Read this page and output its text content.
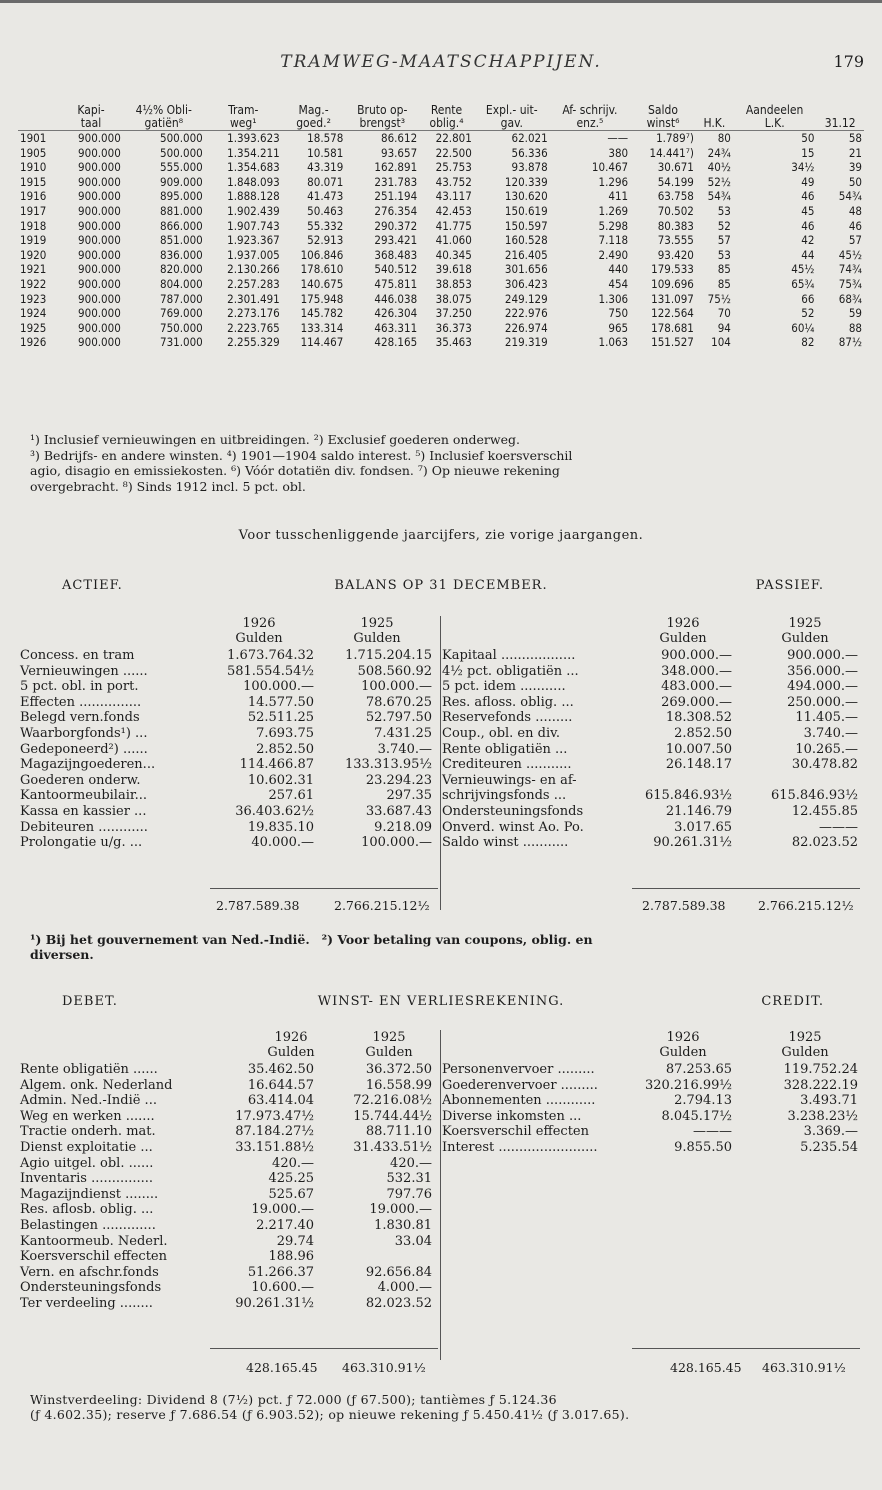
TRAMWEG-MAATSCHAPPIJEN.	179
	Kapi-	4½% Obli-	Tram-	Mag.-	Bruto op-	Rente	Expl.- uit-	Af- schrijv.	Saldo		Aandeelen	
	taal	gatiën⁸	weg¹	goed.²	brengst³	oblig.⁴	gav.	enz.⁵	winst⁶	H.K.	L.K.	31.12
1901	900.000	500.000	1.393.623	18.578	86.612	22.801	62.021	——	1.789⁷)	80	50	58
1905	900.000	500.000	1.354.211	10.581	93.657	22.500	56.336	380	14.441⁷)	24¾	15	21
1910	900.000	555.000	1.354.683	43.319	162.891	25.753	93.878	10.467	30.671	40½	34½	39
1915	900.000	909.000	1.848.093	80.071	231.783	43.752	120.339	1.296	54.199	52½	49	50
1916	900.000	895.000	1.888.128	41.473	251.194	43.117	130.620	411	63.758	54¾	46	54¾
1917	900.000	881.000	1.902.439	50.463	276.354	42.453	150.619	1.269	70.502	53	45	48
1918	900.000	866.000	1.907.743	55.332	290.372	41.775	150.597	5.298	80.383	52	46	46
1919	900.000	851.000	1.923.367	52.913	293.421	41.060	160.528	7.118	73.555	57	42	57
1920	900.000	836.000	1.937.005	106.846	368.483	40.345	216.405	2.490	93.420	53	44	45½
1921	900.000	820.000	2.130.266	178.610	540.512	39.618	301.656	440	179.533	85	45½	74¾
1922	900.000	804.000	2.257.283	140.675	475.811	38.853	306.423	454	109.696	85	65¾	75¾
1923	900.000	787.000	2.301.491	175.948	446.038	38.075	249.129	1.306	131.097	75½	66	68¾
1924	900.000	769.000	2.273.176	145.782	426.304	37.250	222.976	750	122.564	70	52	59
1925	900.000	750.000	2.223.765	133.314	463.311	36.373	226.974	965	178.681	94	60¼	88
1926	900.000	731.000	2.255.329	114.467	428.165	35.463	219.319	1.063	151.527	104	82	87½

¹) Inclusief vernieuwingen en uitbreidingen. ²) Exclusief goederen onderweg.

³) Bedrijfs- en andere winsten. ⁴) 1901—1904 saldo interest. ⁵) Inclusief koersverschil

agio, disagio en emissiekosten. ⁶) Vóór dotatiën div. fondsen. ⁷) Op nieuwe rekening

overgebracht. ⁸) Sinds 1912 incl. 5 pct. obl.

Voor tusschenliggende jaarcijfers, zie vorige jaargangen.
ACTIEF.	BALANS OP 31 DECEMBER.	PASSIEF.
1926
Gulden
1925
Gulden
Concess. en tram	1.673.764.32 1.715.204.15
Vernieuwingen ......	581.554.54½	508.560.92
5 pct. obl. in port.	100.000.—	100.000.—
Effecten ...............	14.577.50	78.670.25
Belegd vern.fonds	52.511.25	52.797.50
Waarborgfonds¹) ...	7.693.75	7.431.25
Gedeponeerd²) ......	2.852.50	3.740.—
Magazijngoederen...	114.466.87 133.313.95½
Goederen onderw.	10.602.31	23.294.23
Kantoormeubilair...	257.61	297.35
Kassa en kassier ...	36.403.62½	33.687.43
Debiteuren ............	19.835.10	9.218.09
Prolongatie u/g. ...	40.000.—	100.000.—
1926
Gulden
1925
Gulden
Kapitaal ..................	900.000.—	900.000.—
4½ pct. obligatiën ...	348.000.—	356.000.—
5 pct. idem ...........	483.000.—	494.000.—
Res. afloss. oblig. ...	269.000.—	250.000.—
Reservefonds .........	18.308.52	11.405.—
Coup., obl. en div.	2.852.50	3.740.—
Rente obligatiën ...	10.007.50	10.265.—
Crediteuren ...........	26.148.17	30.478.82
Vernieuwings- en af-
schrijvingsfonds ...	615.846.93½	615.846.93½
Ondersteuningsfonds	21.146.79	12.455.85
Onverd. winst Ao. Po.	3.017.65	———
Saldo winst ...........	90.261.31½	82.023.52
2.787.589.38	2.766.215.12½	2.787.589.38	2.766.215.12½
¹) Bij het gouvernement van Ned.-Indië. ²) Voor betaling van coupons, oblig. en
diversen.
DEBET.	WINST- EN VERLIESREKENING.	CREDIT.
1926
Gulden
1925
Gulden
Rente obligatiën ......	35.462.50	36.372.50
Algem. onk. Nederland	16.644.57	16.558.99
Admin. Ned.-Indië ...	63.414.04	72.216.08½
Weg en werken .......	17.973.47½	15.744.44½
Tractie onderh. mat.	87.184.27½	88.711.10
Dienst exploitatie ...	33.151.88½	31.433.51½
Agio uitgel. obl. ......	420.—	420.—
Inventaris ...............	425.25	532.31
Magazijndienst ........	525.67	797.76
Res. aflosb. oblig. ...	19.000.—	19.000.—
Belastingen .............	2.217.40	1.830.81
Kantoormeub. Nederl.	29.74	33.04
Koersverschil effecten	188.96
Vern. en afschr.fonds	51.266.37	92.656.84
Ondersteuningsfonds	10.600.—	4.000.—
Ter verdeeling ........	90.261.31½	82.023.52
1926
Gulden
1925
Gulden
Personenvervoer .........	87.253.65	119.752.24
Goederenvervoer .........	320.216.99½	328.222.19
Abonnementen ............	2.794.13	3.493.71
Diverse inkomsten ...	8.045.17½	3.238.23½
Koersverschil effecten	———	3.369.—
Interest ........................	9.855.50	5.235.54
428.165.45 463.310.91½	428.165.45 463.310.91½
Winstverdeeling: Dividend 8 (7½) pct. ƒ 72.000 (ƒ 67.500); tantièmes ƒ 5.124.36
(ƒ 4.602.35); reserve ƒ 7.686.54 (ƒ 6.903.52); op nieuwe rekening ƒ 5.450.41½ (ƒ 3.017.65).
